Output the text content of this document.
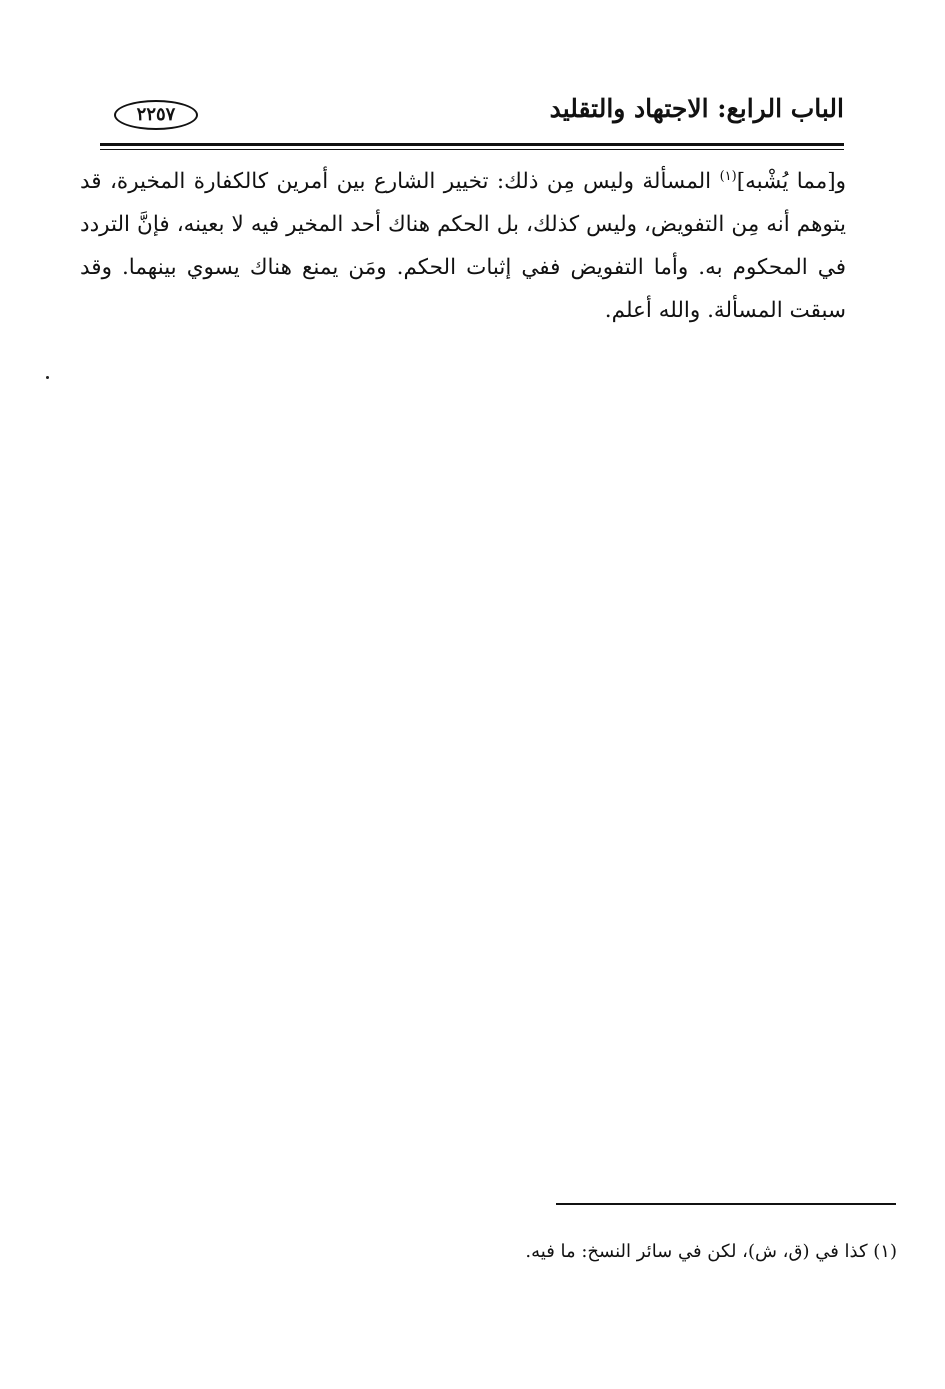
الباب الرابع: الاجتهاد والتقليد
٢٢٥٧
و[مما يُشْبه]$^{(١)}$ المسألة وليس مِن ذلك: تخيير الشارع بين أمرين كالكفارة المخيرة، قد يتوهم أنه مِن التفويض، وليس كذلك، بل الحكم هناك أحد المخير فيه لا بعينه، فإنَّ التردد في المحكوم به. وأما التفويض ففي إثبات الحكم. ومَن يمنع هناك يسوي بينهما. وقد سبقت المسألة. والله أعلم.
(١) كذا في (ق، ش)، لكن في سائر النسخ: ما فيه.
